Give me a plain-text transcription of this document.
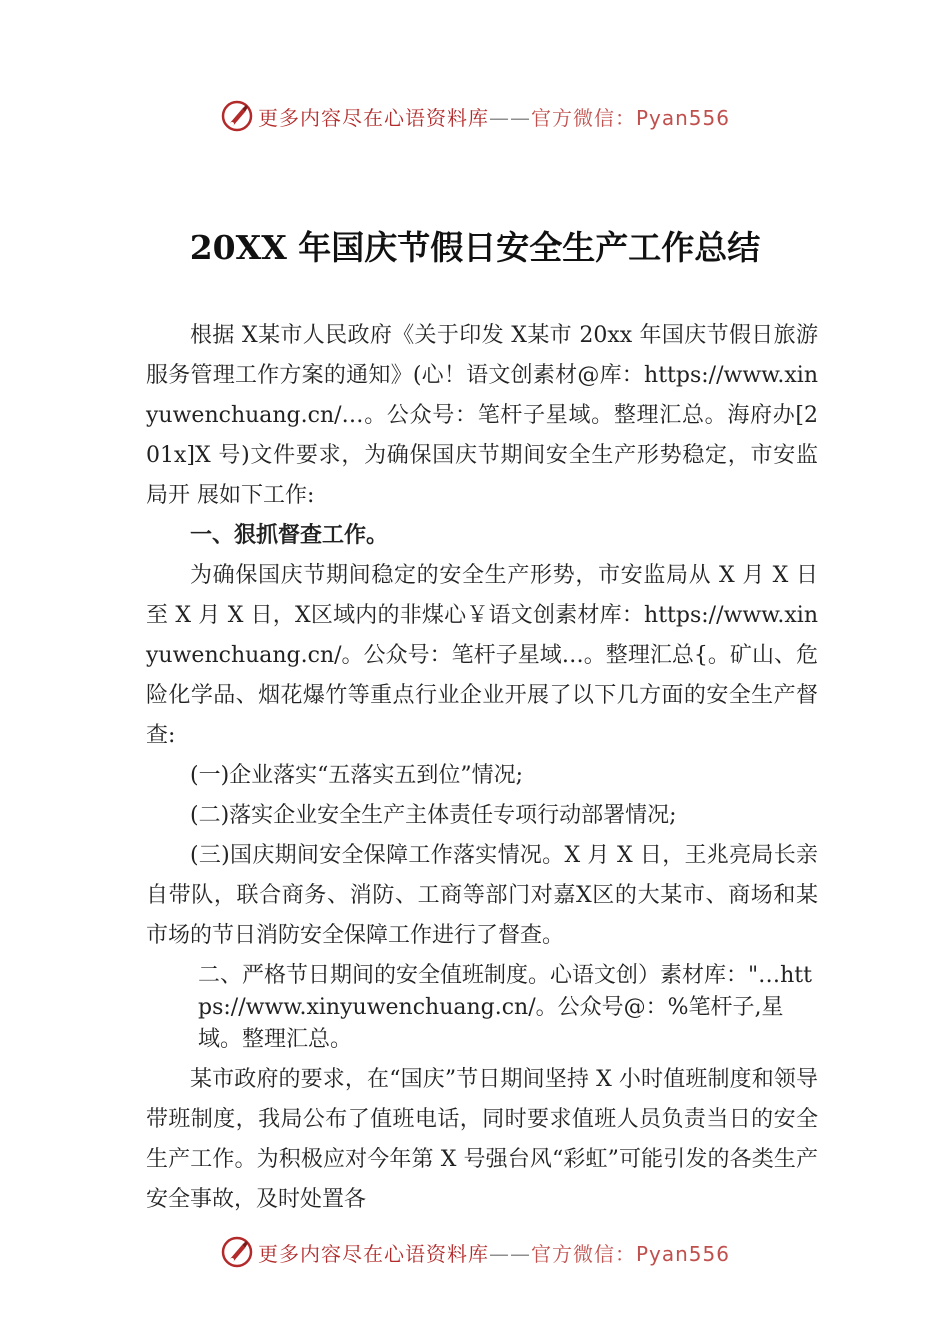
更多内容尽在心语资料库——官方微信：Pyan556
20XX 年国庆节假日安全生产工作总结

根据 X某市人民政府《关于印发 X某市 20xx 年国庆节假日旅游服务管理工作方案的通知》(心！语文创素材@库：https://www.xinyuwenchuang.cn/…。公众号：笔杆子星域。整理汇总。海府办[201x]X 号)文件要求，为确保国庆节期间安全生产形势稳定，市安监局开 展如下工作:

一、狠抓督查工作。

为确保国庆节期间稳定的安全生产形势，市安监局从 X 月 X 日至 X 月 X 日，X区域内的非煤心￥语文创素材库：https://www.xinyuwenchuang.cn/。公众号：笔杆子星域…。整理汇总{。矿山、危险化学品、烟花爆竹等重点行业企业开展了以下几方面的安全生产督查:

(一)企业落实“五落实五到位”情况;

(二)落实企业安全生产主体责任专项行动部署情况;

(三)国庆期间安全保障工作落实情况。X 月 X 日，王兆亮局长亲自带队，联合商务、消防、工商等部门对嘉X区的大某市、商场和某市场的节日消防安全保障工作进行了督查。

二、严格节日期间的安全值班制度。心语文创）素材库："…https://www.xinyuwenchuang.cn/。公众号@：%笔杆子,星域。整理汇总。

某市政府的要求，在“国庆”节日期间坚持 X 小时值班制度和领导带班制度，我局公布了值班电话，同时要求值班人员负责当日的安全生产工作。为积极应对今年第 X 号强台风“彩虹”可能引发的各类生产安全事故，及时处置各

更多内容尽在心语资料库——官方微信：Pyan556
